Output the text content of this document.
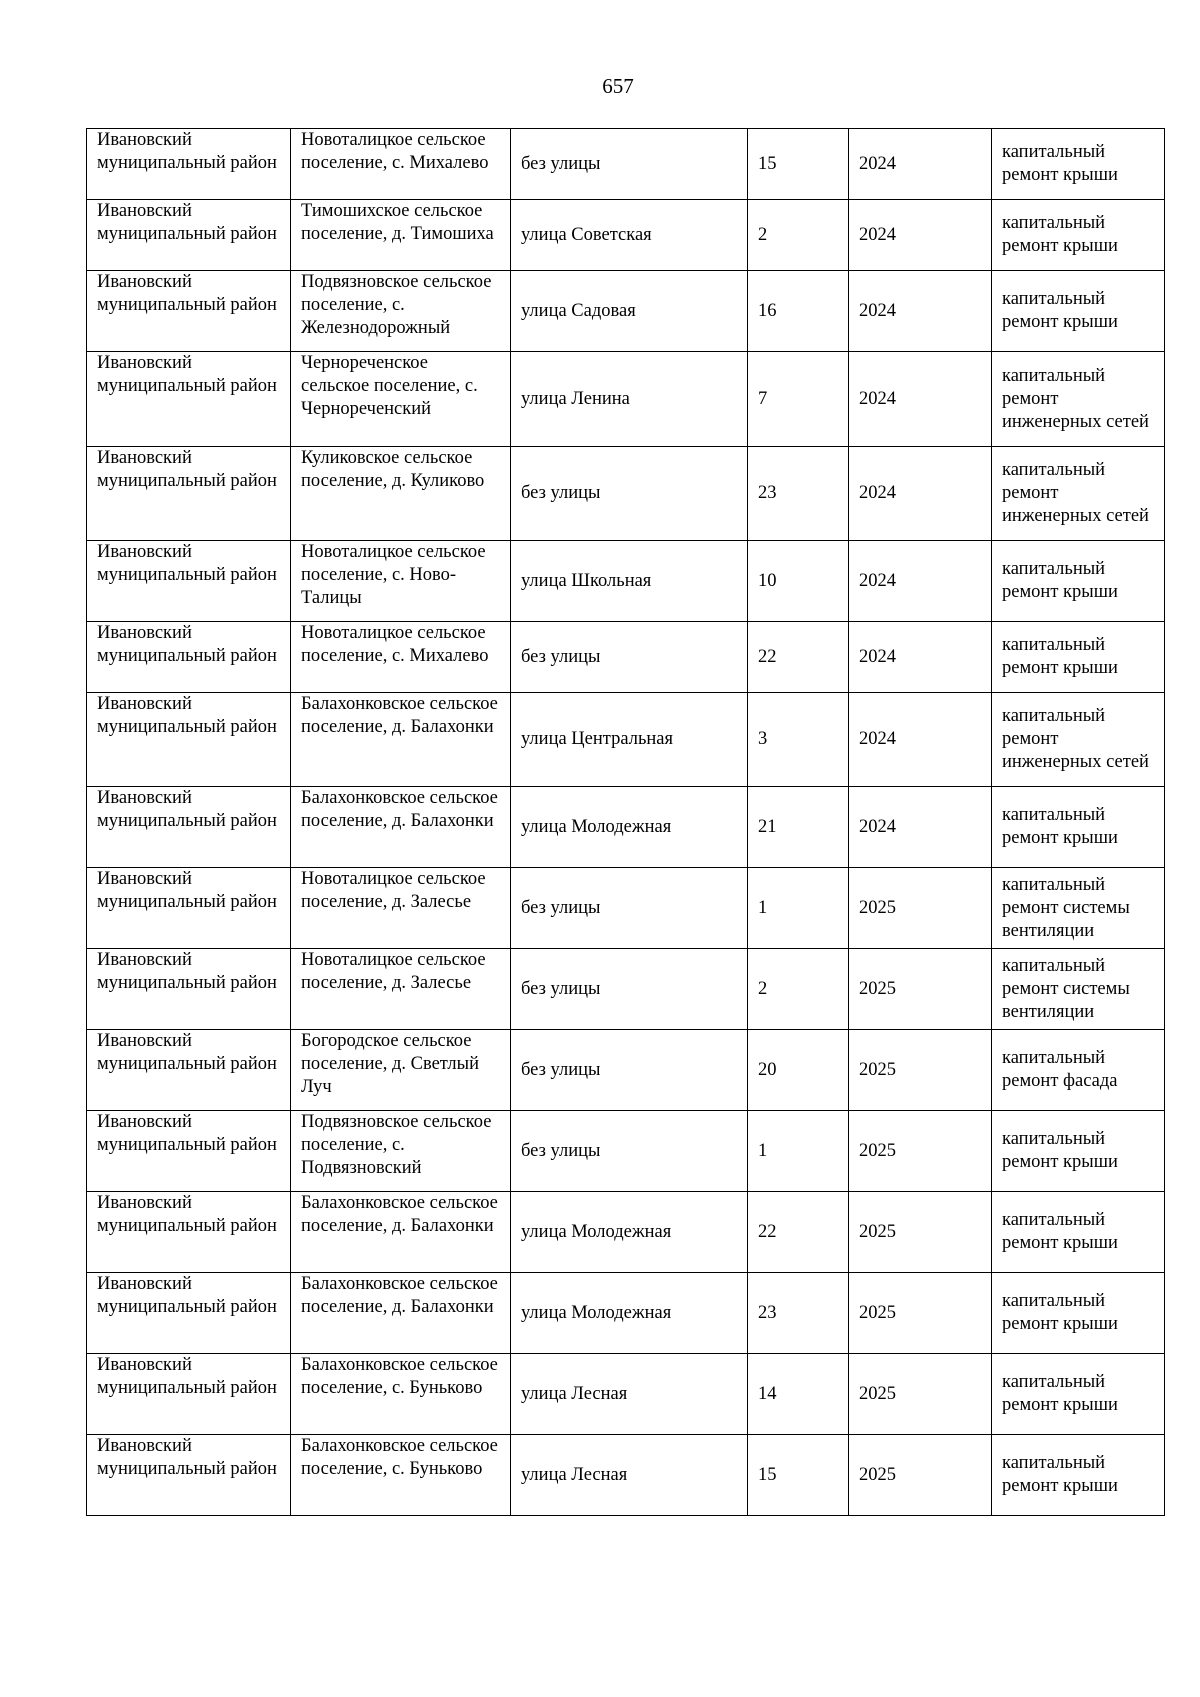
657
Ивановский муниципальный район	Новоталицкое сельское поселение, с. Михалево	без улицы	15	2024	капитальный ремонт крыши
Ивановский муниципальный район	Тимошихское сельское поселение, д. Тимошиха	улица Советская	2	2024	капитальный ремонт крыши
Ивановский муниципальный район	Подвязновское сельское поселение, с. Железнодорожный	улица Садовая	16	2024	капитальный ремонт крыши
Ивановский муниципальный район	Чернореченское сельское поселение, с. Чернореченский	улица Ленина	7	2024	капитальный ремонт инженерных сетей
Ивановский муниципальный район	Куликовское сельское поселение, д. Куликово	без улицы	23	2024	капитальный ремонт инженерных сетей
Ивановский муниципальный район	Новоталицкое сельское поселение, с. Ново-Талицы	улица Школьная	10	2024	капитальный ремонт крыши
Ивановский муниципальный район	Новоталицкое сельское поселение, с. Михалево	без улицы	22	2024	капитальный ремонт крыши
Ивановский муниципальный район	Балахонковское сельское поселение, д. Балахонки	улица Центральная	3	2024	капитальный ремонт инженерных сетей
Ивановский муниципальный район	Балахонковское сельское поселение, д. Балахонки	улица Молодежная	21	2024	капитальный ремонт крыши
Ивановский муниципальный район	Новоталицкое сельское поселение, д. Залесье	без улицы	1	2025	капитальный ремонт системы вентиляции
Ивановский муниципальный район	Новоталицкое сельское поселение, д. Залесье	без улицы	2	2025	капитальный ремонт системы вентиляции
Ивановский муниципальный район	Богородское сельское поселение, д. Светлый Луч	без улицы	20	2025	капитальный ремонт фасада
Ивановский муниципальный район	Подвязновское сельское поселение, с. Подвязновский	без улицы	1	2025	капитальный ремонт крыши
Ивановский муниципальный район	Балахонковское сельское поселение, д. Балахонки	улица Молодежная	22	2025	капитальный ремонт крыши
Ивановский муниципальный район	Балахонковское сельское поселение, д. Балахонки	улица Молодежная	23	2025	капитальный ремонт крыши
Ивановский муниципальный район	Балахонковское сельское поселение, с. Буньково	улица Лесная	14	2025	капитальный ремонт крыши
Ивановский муниципальный район	Балахонковское сельское поселение, с. Буньково	улица Лесная	15	2025	капитальный ремонт крыши
